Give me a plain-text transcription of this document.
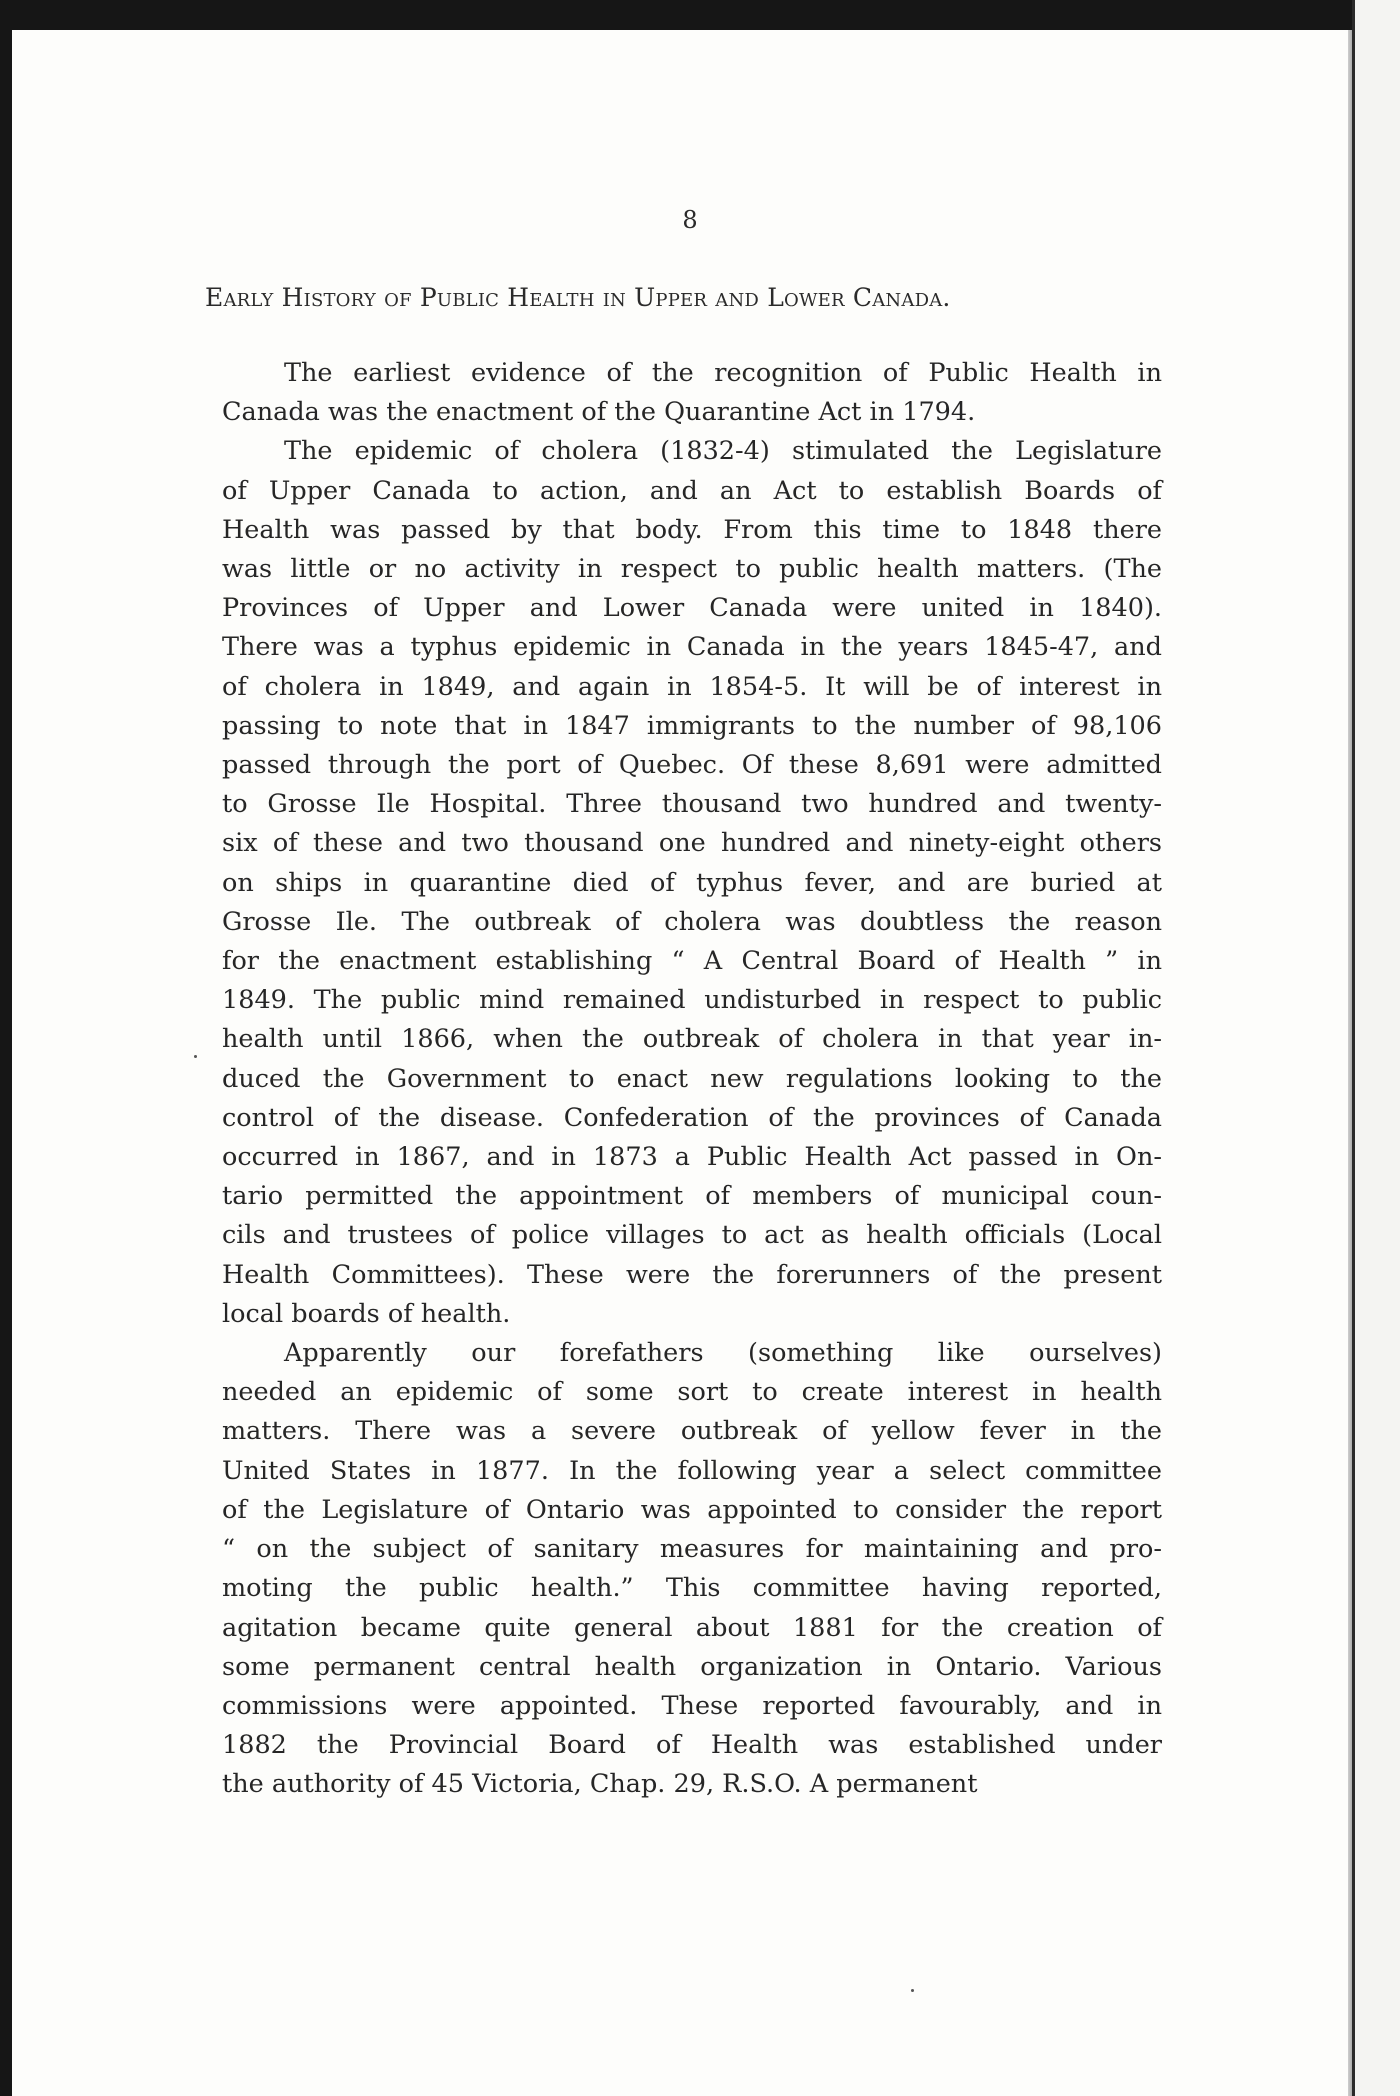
8
Early History of Public Health in Upper and Lower Canada.
The earliest evidence of the recognition of Public Health in
Canada was the enactment of the Quarantine Act in 1794.
The epidemic of cholera (1832-4) stimulated the Legislature
of Upper Canada to action, and an Act to establish Boards of
Health was passed by that body. From this time to 1848 there
was little or no activity in respect to public health matters. (The
Provinces of Upper and Lower Canada were united in 1840).
There was a typhus epidemic in Canada in the years 1845-47, and
of cholera in 1849, and again in 1854-5. It will be of interest in
passing to note that in 1847 immigrants to the number of 98,106
passed through the port of Quebec. Of these 8,691 were admitted
to Grosse Ile Hospital. Three thousand two hundred and twenty-
six of these and two thousand one hundred and ninety-eight others
on ships in quarantine died of typhus fever, and are buried at
Grosse Ile. The outbreak of cholera was doubtless the reason
for the enactment establishing “ A Central Board of Health ” in
1849. The public mind remained undisturbed in respect to public
health until 1866, when the outbreak of cholera in that year in-
duced the Government to enact new regulations looking to the
control of the disease. Confederation of the provinces of Canada
occurred in 1867, and in 1873 a Public Health Act passed in On-
tario permitted the appointment of members of municipal coun-
cils and trustees of police villages to act as health officials (Local
Health Committees). These were the forerunners of the present
local boards of health.
Apparently our forefathers (something like ourselves)
needed an epidemic of some sort to create interest in health
matters. There was a severe outbreak of yellow fever in the
United States in 1877. In the following year a select committee
of the Legislature of Ontario was appointed to consider the report
“ on the subject of sanitary measures for maintaining and pro-
moting the public health.” This committee having reported,
agitation became quite general about 1881 for the creation of
some permanent central health organization in Ontario. Various
commissions were appointed. These reported favourably, and in
1882 the Provincial Board of Health was established under
the authority of 45 Victoria, Chap. 29, R.S.O. A permanent
